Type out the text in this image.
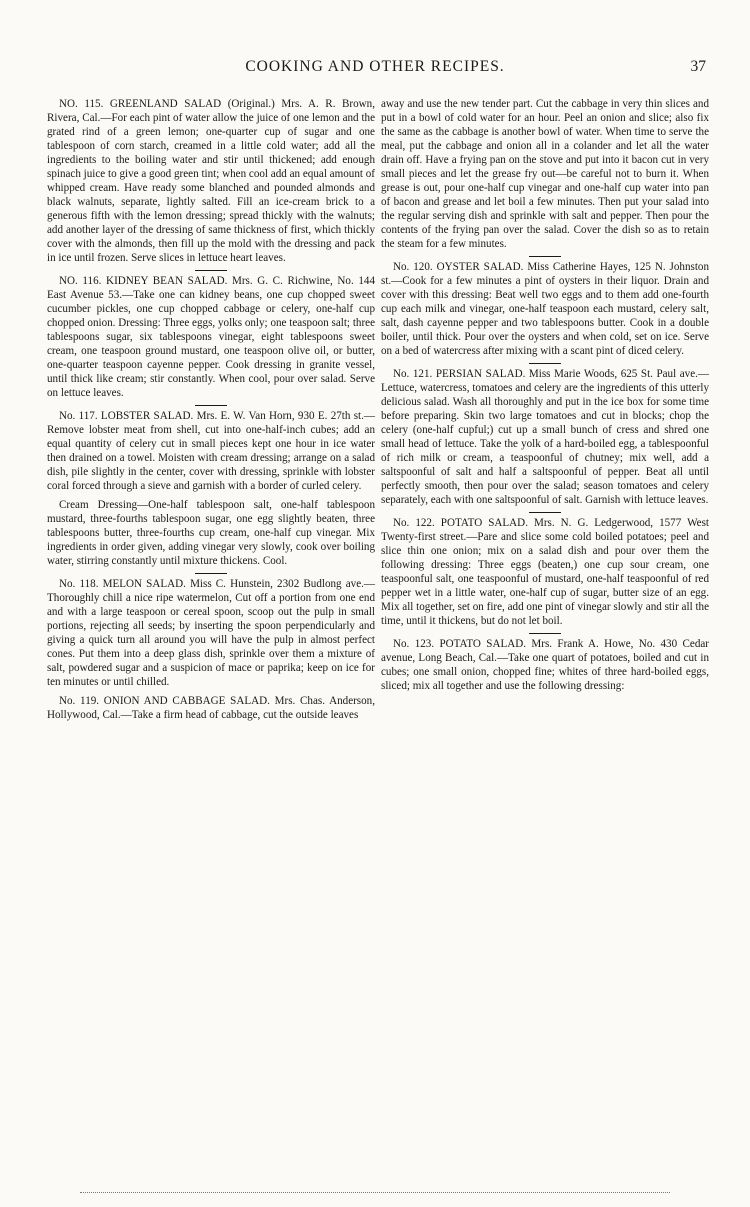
COOKING AND OTHER RECIPES.	37

NO. 115. GREENLAND SALAD (Original.) Mrs. A. R. Brown, Rivera, Cal.—For each pint of water allow the juice of one lemon and the grated rind of a green lemon; one-quarter cup of sugar and one tablespoon of corn starch, creamed in a little cold water; add all the ingredients to the boiling water and stir until thickened; add enough spinach juice to give a good green tint; when cool add an equal amount of whipped cream. Have ready some blanched and pounded almonds and black walnuts, separate, lightly salted. Fill an ice-cream brick to a generous fifth with the lemon dressing; spread thickly with the walnuts; add another layer of the dressing of same thickness of first, which thickly cover with the almonds, then fill up the mold with the dressing and pack in ice until frozen. Serve slices in lettuce heart leaves.

NO. 116. KIDNEY BEAN SALAD. Mrs. G. C. Richwine, No. 144 East Avenue 53.—Take one can kidney beans, one cup chopped sweet cucumber pickles, one cup chopped cabbage or celery, one-half cup chopped onion. Dressing: Three eggs, yolks only; one teaspoon salt; three tablespoons sugar, six tablespoons vinegar, eight tablespoons sweet cream, one teaspoon ground mustard, one teaspoon olive oil, or butter, one-quarter teaspoon cayenne pepper. Cook dressing in granite vessel, until thick like cream; stir constantly. When cool, pour over salad. Serve on lettuce leaves.

No. 117. LOBSTER SALAD. Mrs. E. W. Van Horn, 930 E. 27th st.—Remove lobster meat from shell, cut into one-half-inch cubes; add an equal quantity of celery cut in small pieces kept one hour in ice water then drained on a towel. Moisten with cream dressing; arrange on a salad dish, pile slightly in the center, cover with dressing, sprinkle with lobster coral forced through a sieve and garnish with a border of curled celery.

Cream Dressing—One-half tablespoon salt, one-half tablespoon mustard, three-fourths tablespoon sugar, one egg slightly beaten, three tablespoons butter, three-fourths cup cream, one-half cup vinegar. Mix ingredients in order given, adding vinegar very slowly, cook over boiling water, stirring constantly until mixture thickens. Cool.

No. 118. MELON SALAD. Miss C. Hunstein, 2302 Budlong ave.—Thoroughly chill a nice ripe watermelon, Cut off a portion from one end and with a large teaspoon or cereal spoon, scoop out the pulp in small portions, rejecting all seeds; by inserting the spoon perpendicularly and giving a quick turn all around you will have the pulp in almost perfect cones. Put them into a deep glass dish, sprinkle over them a mixture of salt, powdered sugar and a suspicion of mace or paprika; keep on ice for ten minutes or until chilled.

No. 119. ONION AND CABBAGE SALAD. Mrs. Chas. Anderson, Hollywood, Cal.—Take a firm head of cabbage, cut the outside leaves

away and use the new tender part. Cut the cabbage in very thin slices and put in a bowl of cold water for an hour. Peel an onion and slice; also fix the same as the cabbage is another bowl of water. When time to serve the meal, put the cabbage and onion all in a colander and let all the water drain off. Have a frying pan on the stove and put into it bacon cut in very small pieces and let the grease fry out—be careful not to burn it. When grease is out, pour one-half cup vinegar and one-half cup water into pan of bacon and grease and let boil a few minutes. Then put your salad into the regular serving dish and sprinkle with salt and pepper. Then pour the contents of the frying pan over the salad. Cover the dish so as to retain the steam for a few minutes.

No. 120. OYSTER SALAD. Miss Catherine Hayes, 125 N. Johnston st.—Cook for a few minutes a pint of oysters in their liquor. Drain and cover with this dressing: Beat well two eggs and to them add one-fourth cup each milk and vinegar, one-half teaspoon each mustard, celery salt, salt, dash cayenne pepper and two tablespoons butter. Cook in a double boiler, until thick. Pour over the oysters and when cold, set on ice. Serve on a bed of watercress after mixing with a scant pint of diced celery.

No. 121. PERSIAN SALAD. Miss Marie Woods, 625 St. Paul ave.—Lettuce, watercress, tomatoes and celery are the ingredients of this utterly delicious salad. Wash all thoroughly and put in the ice box for some time before preparing. Skin two large tomatoes and cut in blocks; chop the celery (one-half cupful;) cut up a small bunch of cress and shred one small head of lettuce. Take the yolk of a hard-boiled egg, a tablespoonful of rich milk or cream, a teaspoonful of chutney; mix well, add a saltspoonful of salt and half a saltspoonful of pepper. Beat all until perfectly smooth, then pour over the salad; season tomatoes and celery separately, each with one saltspoonful of salt. Garnish with lettuce leaves.

No. 122. POTATO SALAD. Mrs. N. G. Ledgerwood, 1577 West Twenty-first street.—Pare and slice some cold boiled potatoes; peel and slice thin one onion; mix on a salad dish and pour over them the following dressing: Three eggs (beaten,) one cup sour cream, one teaspoonful salt, one teaspoonful of mustard, one-half teaspoonful of red pepper wet in a little water, one-half cup of sugar, butter size of an egg. Mix all together, set on fire, add one pint of vinegar slowly and stir all the time, until it thickens, but do not let boil.

No. 123. POTATO SALAD. Mrs. Frank A. Howe, No. 430 Cedar avenue, Long Beach, Cal.—Take one quart of potatoes, boiled and cut in cubes; one small onion, chopped fine; whites of three hard-boiled eggs, sliced; mix all together and use the following dressing:
